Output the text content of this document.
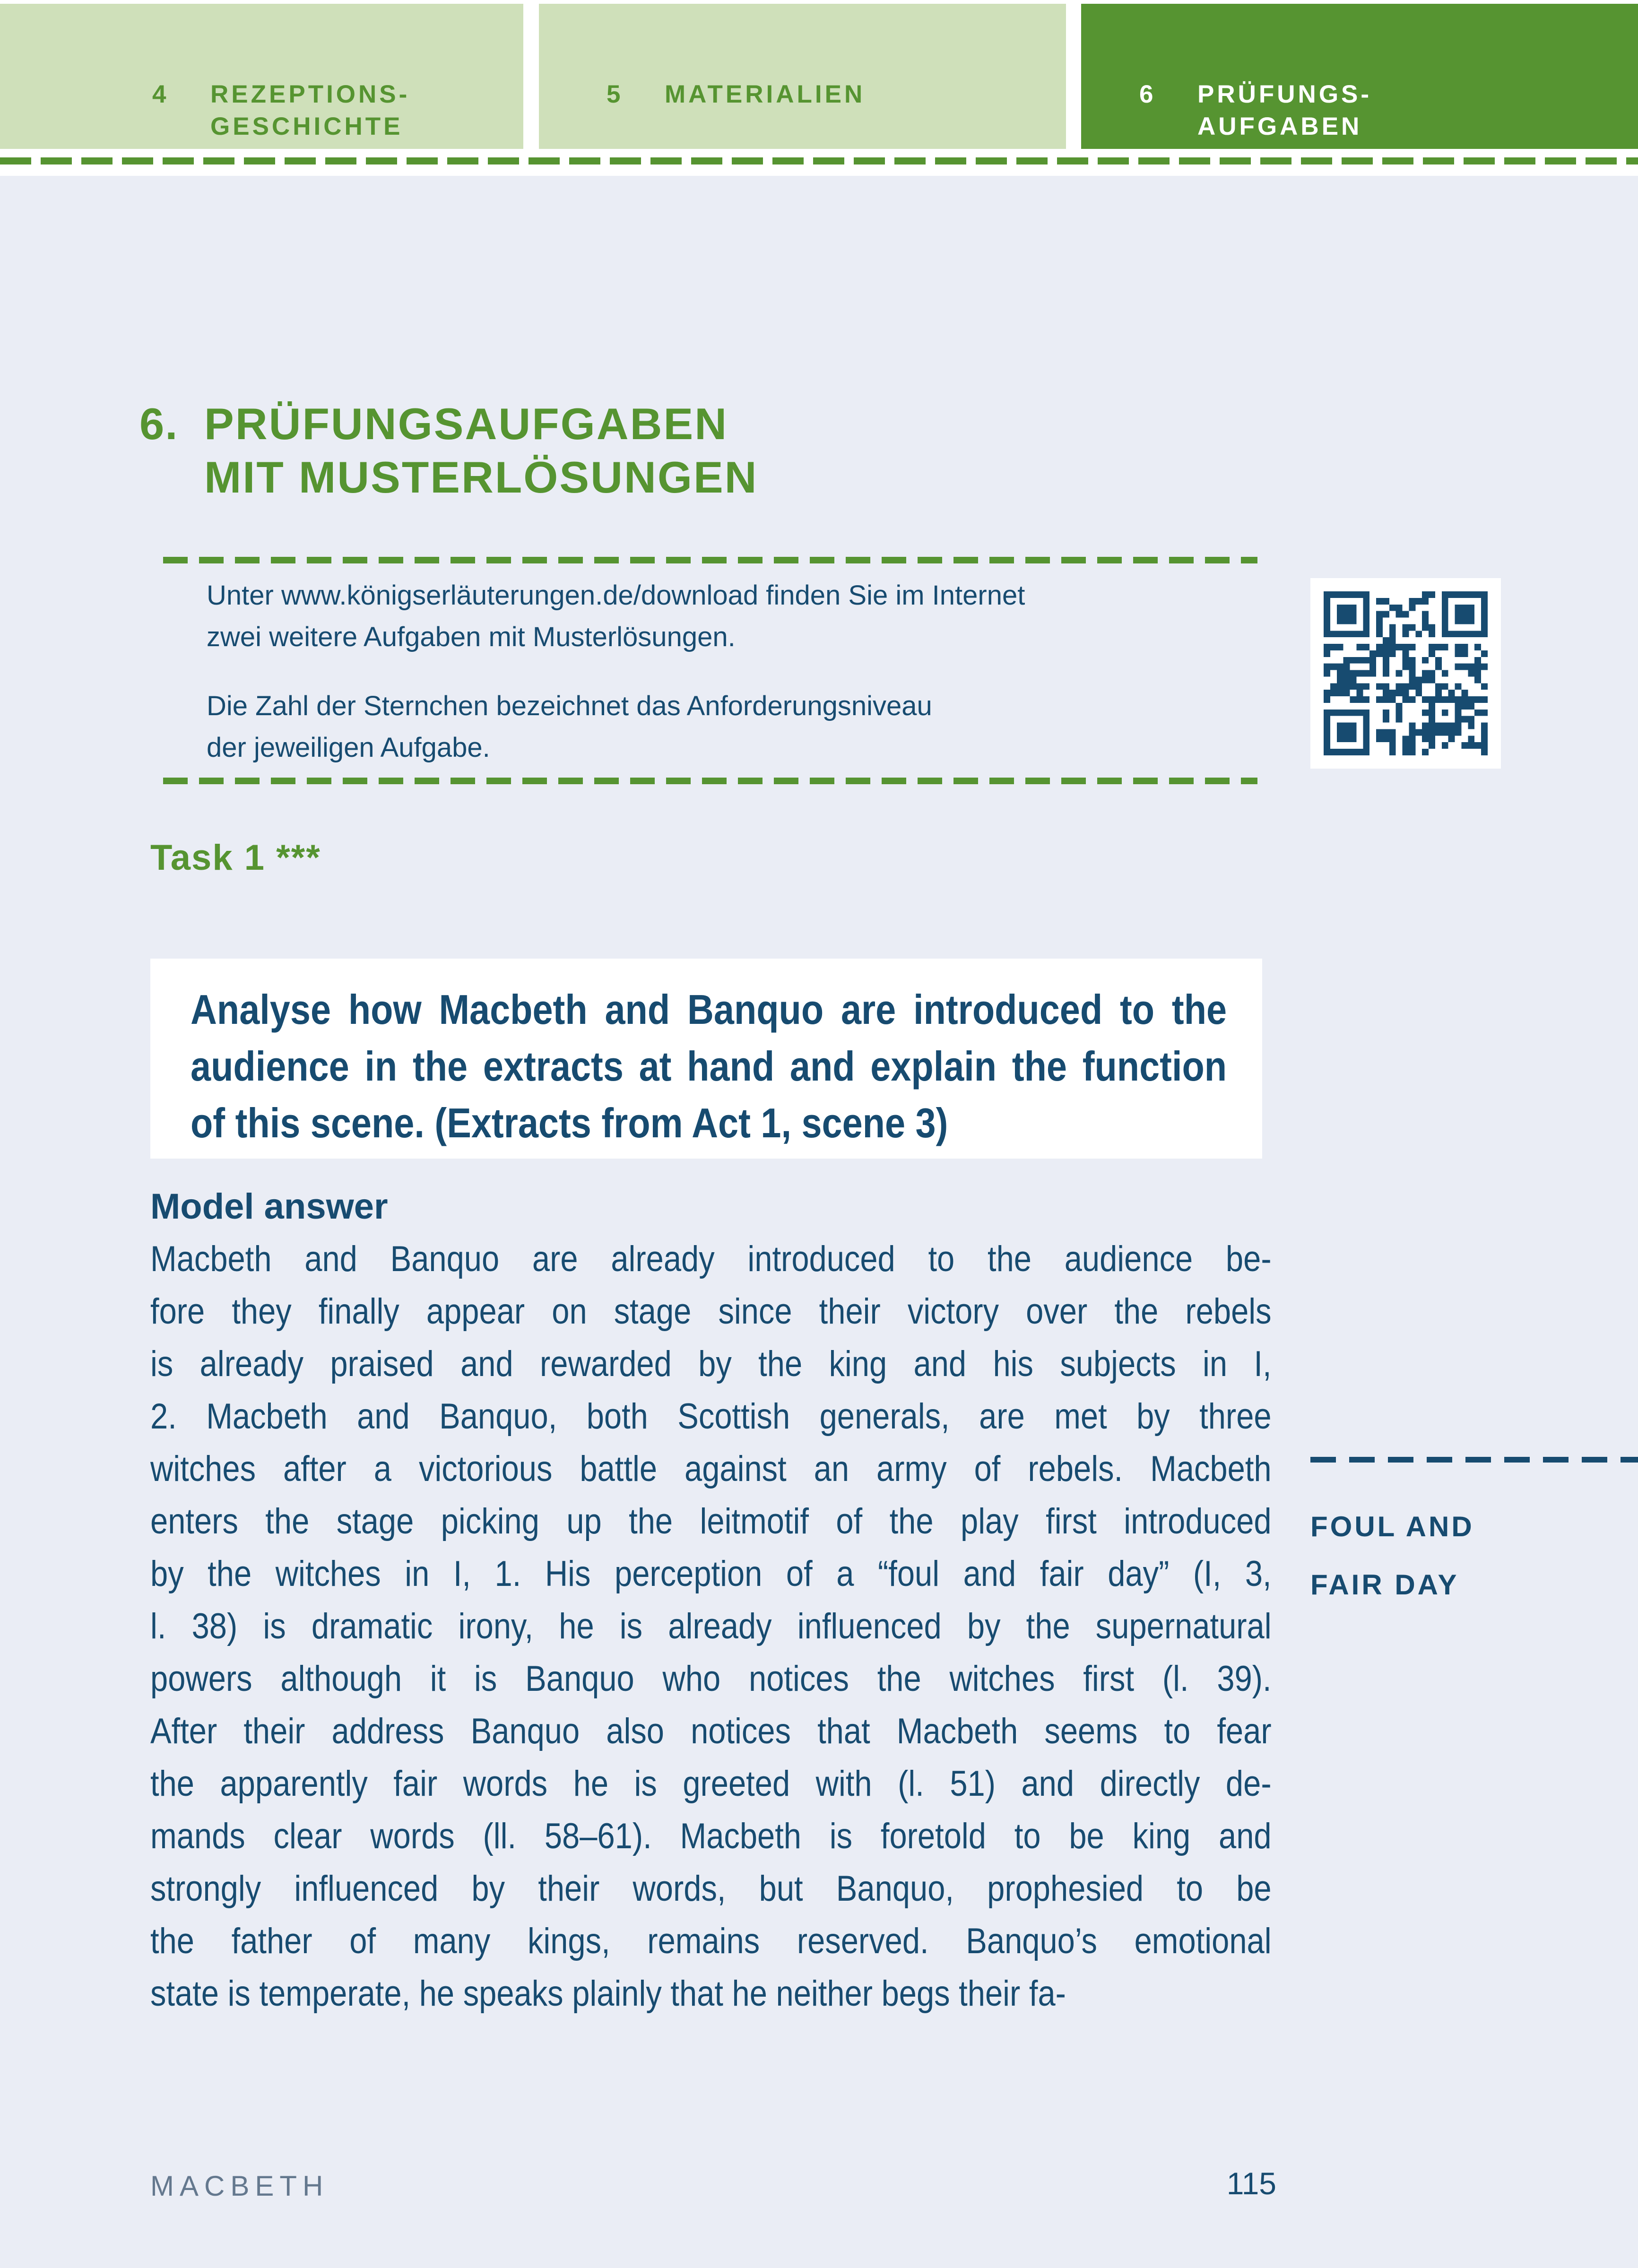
4	REZEPTIONS-
GESCHICHTE
5	MATERIALIEN	6	PRÜFUNGS-
AUFGABEN
6. PRÜFUNGSAUFGABEN
MIT MUSTERLÖSUNGEN
Unter www.königserläuterungen.de/download finden Sie im Internet
zwei weitere Aufgaben mit Musterlösungen.
Die Zahl der Sternchen bezeichnet das Anforderungsniveau
der jeweiligen Aufgabe.
Task 1 ***
Analyse how Macbeth and Banquo are introduced to the
audience in the extracts at hand and explain the function
of this scene. (Extracts from Act 1, scene 3)
Model answer
Macbeth and Banquo are already introduced to the audience be-
fore they finally appear on stage since their victory over the rebels
is already praised and rewarded by the king and his subjects in I,
2. Macbeth and Banquo, both Scottish generals, are met by three
witches after a victorious battle against an army of rebels. Macbeth
enters the stage picking up the leitmotif of the play first introduced
by the witches in I, 1. His perception of a “foul and fair day” (I, 3,
l. 38) is dramatic irony, he is already influenced by the supernatural
powers although it is Banquo who notices the witches first (l. 39).
After their address Banquo also notices that Macbeth seems to fear
the apparently fair words he is greeted with (l. 51) and directly de-
mands clear words (ll. 58–61). Macbeth is foretold to be king and
strongly influenced by their words, but Banquo, prophesied to be
the father of many kings, remains reserved. Banquo’s emotional
state is temperate, he speaks plainly that he neither begs their fa-
FOUL AND
FAIR DAY
MACBETH	115
